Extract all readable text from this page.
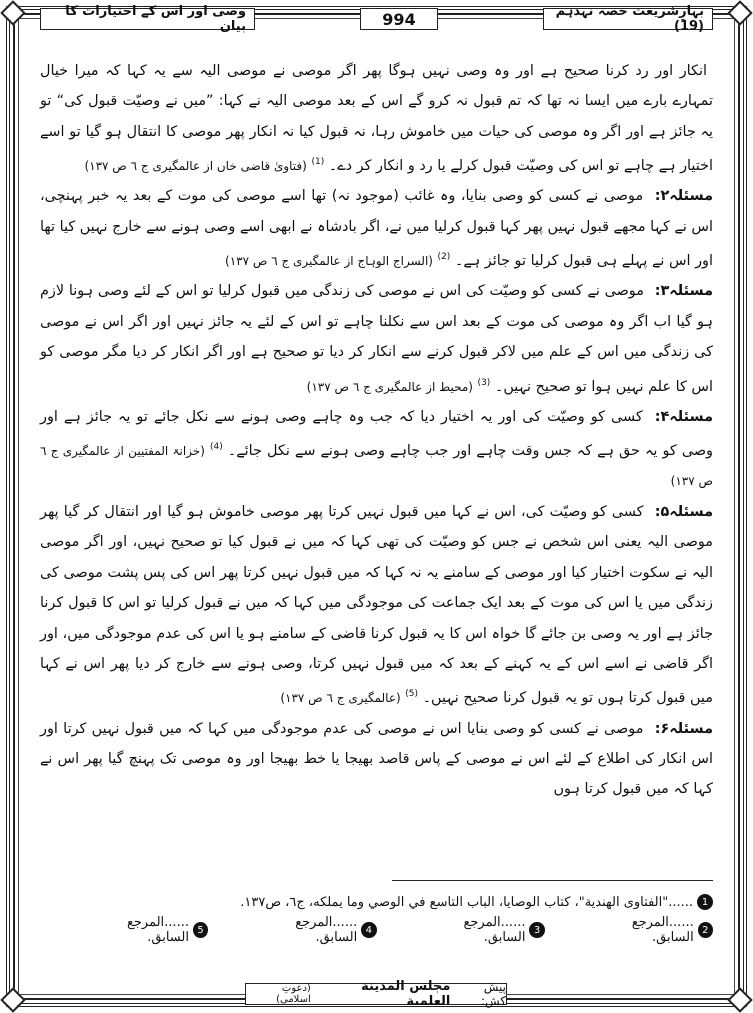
بہارِشریعت حصہ نہدہم (19)
994
وصی اور اس کے اختیارات کا بیان

انکار اور رد کرنا صحیح ہے اور وہ وصی نہیں ہوگا پھر اگر موصی نے موصی الیہ سے یہ کہا کہ میرا خیال تمہارے بارے میں ایسا نہ تھا کہ تم قبول نہ کرو گے اس کے بعد موصی الیہ نے کہا: ”میں نے وصیّت قبول کی“ تو یہ جائز ہے اور اگر وہ موصی کی حیات میں خاموش رہا، نہ قبول کیا نہ انکار پھر موصی کا انتقال ہو گیا تو اسے اختیار ہے چاہے تو اس کی وصیّت قبول کرلے یا رد و انکار کر دے۔ $^{(1)}$ (فتاویٰ قاضی خاں از عالمگیری ج ٦ ص ١٣٧)

مسئلہ۲: موصی نے کسی کو وصی بنایا، وہ غائب (موجود نہ) تھا اسے موصی کی موت کے بعد یہ خبر پہنچی، اس نے کہا مجھے قبول نہیں پھر کہا قبول کرلیا میں نے، اگر بادشاہ نے ابھی اسے وصی ہونے سے خارج نہیں کیا تھا اور اس نے پہلے ہی قبول کرلیا تو جائز ہے۔ $^{(2)}$ (السراج الوہاج از عالمگیری ج ٦ ص ١٣٧)

مسئلہ۳: موصی نے کسی کو وصیّت کی اس نے موصی کی زندگی میں قبول کرلیا تو اس کے لئے وصی ہونا لازم ہو گیا اب اگر وہ موصی کی موت کے بعد اس سے نکلنا چاہے تو اس کے لئے یہ جائز نہیں اور اگر اس نے موصی کی زندگی میں اس کے علم میں لاکر قبول کرنے سے انکار کر دیا تو صحیح ہے اور اگر انکار کر دیا مگر موصی کو اس کا علم نہیں ہوا تو صحیح نہیں۔ $^{(3)}$ (محیط از عالمگیری ج ٦ ص ١٣٧)

مسئلہ۴: کسی کو وصیّت کی اور یہ اختیار دیا کہ جب وہ چاہے وصی ہونے سے نکل جائے تو یہ جائز ہے اور وصی کو یہ حق ہے کہ جس وقت چاہے اور جب چاہے وصی ہونے سے نکل جائے۔ $^{(4)}$ (خزانۃ المفتیین از عالمگیری ج ٦ ص ١٣٧)

مسئلہ۵: کسی کو وصیّت کی، اس نے کہا میں قبول نہیں کرتا پھر موصی خاموش ہو گیا اور انتقال کر گیا پھر موصی الیہ یعنی اس شخص نے جس کو وصیّت کی تھی کہا کہ میں نے قبول کیا تو صحیح نہیں، اور اگر موصی الیہ نے سکوت اختیار کیا اور موصی کے سامنے یہ نہ کہا کہ میں قبول نہیں کرتا پھر اس کی پس پشت موصی کی زندگی میں یا اس کی موت کے بعد ایک جماعت کی موجودگی میں کہا کہ میں نے قبول کرلیا تو اس کا قبول کرنا جائز ہے اور یہ وصی بن جائے گا خواہ اس کا یہ قبول کرنا قاضی کے سامنے ہو یا اس کی عدم موجودگی میں، اور اگر قاضی نے اسے اس کے یہ کہنے کے بعد کہ میں قبول نہیں کرتا، وصی ہونے سے خارج کر دیا پھر اس نے کہا میں قبول کرتا ہوں تو یہ قبول کرنا صحیح نہیں۔ $^{(5)}$ (عالمگیری ج ٦ ص ١٣٧)

مسئلہ۶: موصی نے کسی کو وصی بنایا اس نے موصی کی عدم موجودگی میں کہا کہ میں قبول نہیں کرتا اور اس انکار کی اطلاع کے لئے اس نے موصی کے پاس قاصد بھیجا یا خط بھیجا اور وہ موصی تک پہنچ گیا پھر اس نے کہا کہ میں قبول کرتا ہوں

1
......"الفتاوى الهندية"، كتاب الوصايا، الباب التاسع في الوصي وما يملكه، ج٦، ص١٣٧.
2
......المرجع السابق.
3
......المرجع السابق.
4
......المرجع السابق.
5
......المرجع السابق.
پیش کش:
مجلس المدينة العلمية
(دعوتِ اسلامی)
